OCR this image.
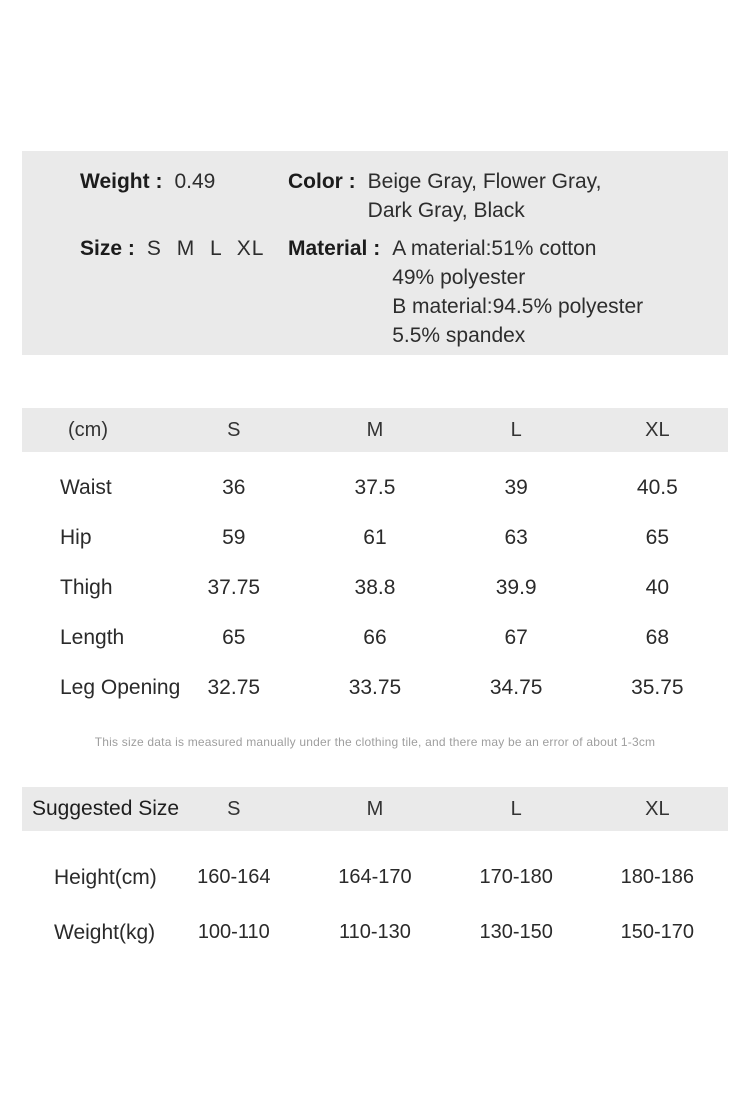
Weight : 0.49	Color : Beige Gray, Flower Gray,
Dark Gray, Black
Size : S M L XL Material : A material:51% cotton
49% polyester
B material:94.5% polyester
5.5% spandex
(cm)	S	M	L	XL
Waist	36	37.5	39	40.5
Hip	59	61	63	65
Thigh	37.75	38.8	39.9	40
Length	65	66	67	68
Leg Opening	32.75	33.75	34.75	35.75
This size data is measured manually under the clothing tile, and there may be an error of about 1-3cm
Suggested Size	S	M	L	XL
Height(cm)	160-164	164-170	170-180	180-186
Weight(kg)	100-110	110-130	130-150	150-170
